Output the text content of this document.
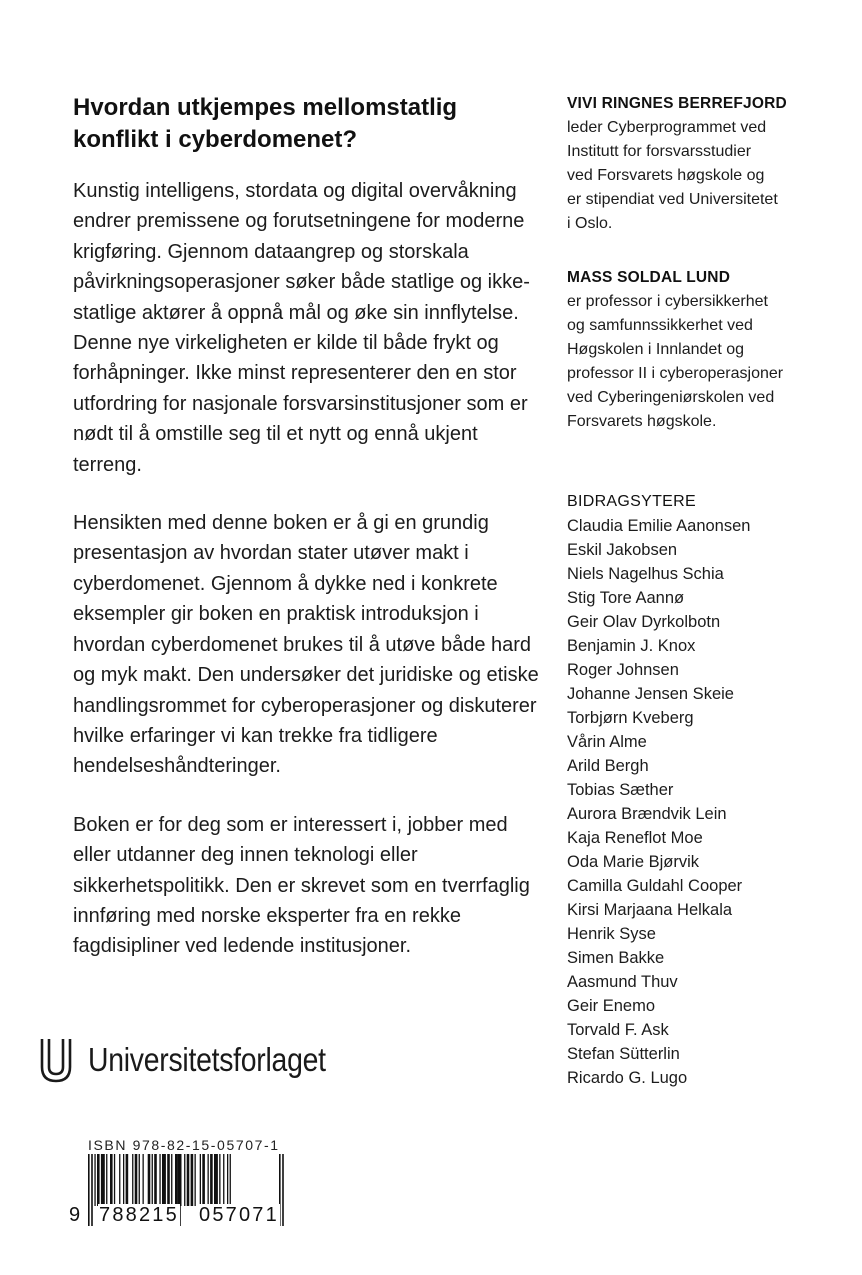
Hvordan utkjempes mellomstatlig konflikt i cyberdomenet?

Kunstig intelligens, stordata og digital overvåkning endrer premissene og forutsetningene for moderne krigføring. Gjennom dataangrep og storskala påvirkningsoperasjoner søker både statlige og ikke-statlige aktører å oppnå mål og øke sin innflytelse. Denne nye virkeligheten er kilde til både frykt og forhåpninger. Ikke minst representerer den en stor utfordring for nasjonale forsvarsinstitusjoner som er nødt til å omstille seg til et nytt og ennå ukjent terreng.

Hensikten med denne boken er å gi en grundig presentasjon av hvordan stater utøver makt i cyberdomenet. Gjennom å dykke ned i konkrete eksempler gir boken en praktisk introduksjon i hvordan cyberdomenet brukes til å utøve både hard og myk makt. Den undersøker det juridiske og etiske handlingsrommet for cyberoperasjoner og diskuterer hvilke erfaringer vi kan trekke fra tidligere hendelseshåndteringer.

Boken er for deg som er interessert i, jobber med eller utdanner deg innen teknologi eller sikkerhetspolitikk. Den er skrevet som en tverrfaglig innføring med norske eksperter fra en rekke fagdisipliner ved ledende institusjoner.

VIVI RINGNES BERREFJORD
leder Cyberprogrammet ved
Institutt for forsvarsstudier
ved Forsvarets høgskole og
er stipendiat ved Universitetet
i Oslo.
MASS SOLDAL LUND
er professor i cybersikkerhet
og samfunnssikkerhet ved
Høgskolen i Innlandet og
professor II i cyberoperasjoner
ved Cyberingeniørskolen ved
Forsvarets høgskole.
BIDRAGSYTERE
Claudia Emilie Aanonsen
Eskil Jakobsen
Niels Nagelhus Schia
Stig Tore Aannø
Geir Olav Dyrkolbotn
Benjamin J. Knox
Roger Johnsen
Johanne Jensen Skeie
Torbjørn Kveberg
Vårin Alme
Arild Bergh
Tobias Sæther
Aurora Brændvik Lein
Kaja Reneflot Moe
Oda Marie Bjørvik
Camilla Guldahl Cooper
Kirsi Marjaana Helkala
Henrik Syse
Simen Bakke
Aasmund Thuv
Geir Enemo
Torvald F. Ask
Stefan Sütterlin
Ricardo G. Lugo
Universitetsforlaget
ISBN 978-82-15-05707-1
9 788215 057071
